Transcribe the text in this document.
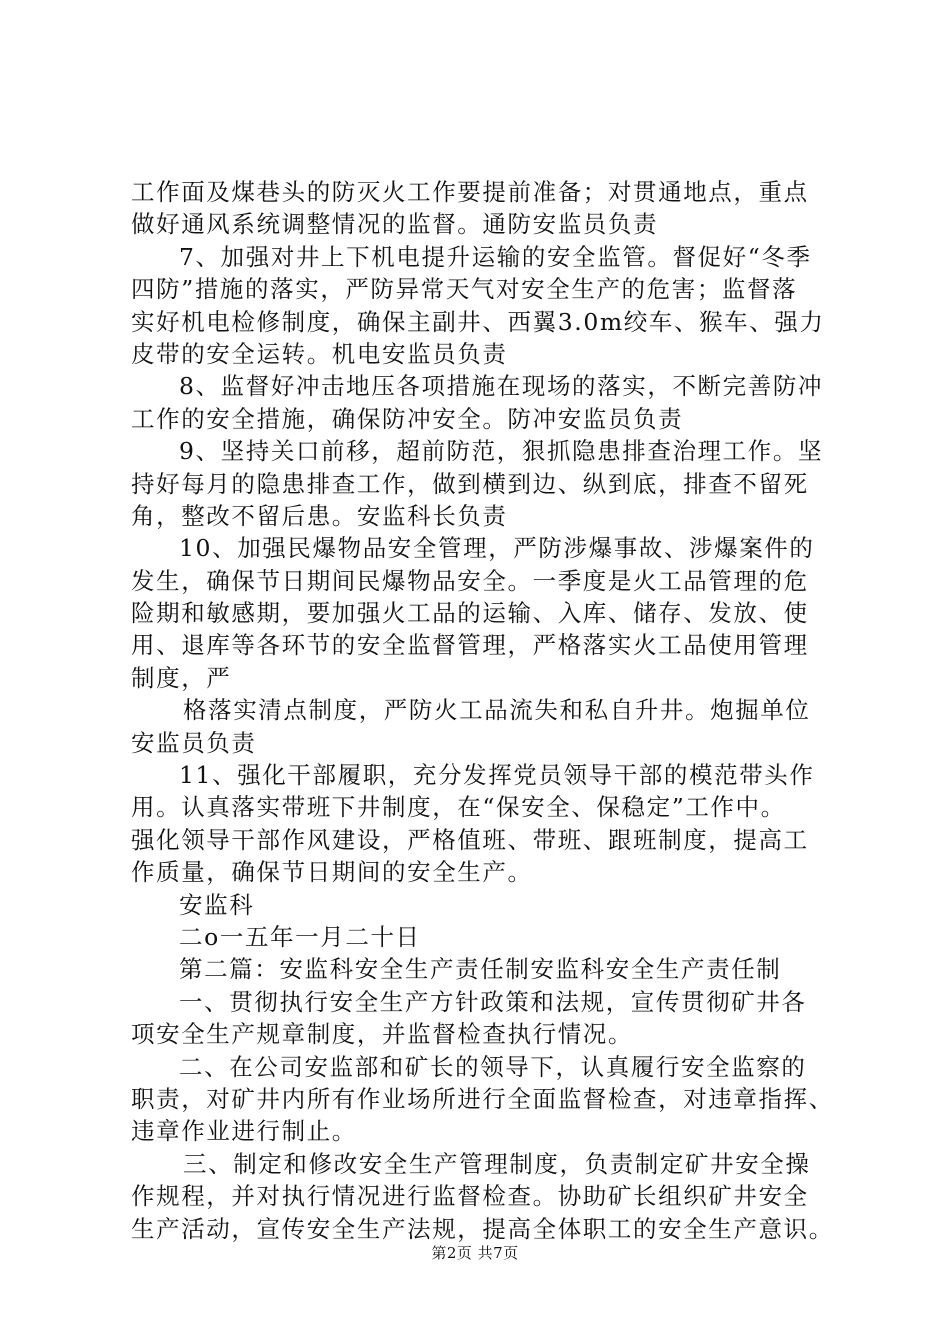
工作面及煤巷头的防灭火工作要提前准备；对贯通地点，重点
做好通风系统调整情况的监督。通防安监员负责
7、加强对井上下机电提升运输的安全监管。督促好“冬季
四防”措施的落实，严防异常天气对安全生产的危害；监督落
实好机电检修制度，确保主副井、西翼3.0m绞车、猴车、强力
皮带的安全运转。机电安监员负责
8、监督好冲击地压各项措施在现场的落实，不断完善防冲
工作的安全措施，确保防冲安全。防冲安监员负责
9、坚持关口前移，超前防范，狠抓隐患排查治理工作。坚
持好每月的隐患排查工作，做到横到边、纵到底，排查不留死
角，整改不留后患。安监科长负责
10、加强民爆物品安全管理，严防涉爆事故、涉爆案件的
发生，确保节日期间民爆物品安全。一季度是火工品管理的危
险期和敏感期，要加强火工品的运输、入库、储存、发放、使
用、退库等各环节的安全监督管理，严格落实火工品使用管理
制度，严
格落实清点制度，严防火工品流失和私自升井。炮掘单位
安监员负责
11、强化干部履职，充分发挥党员领导干部的模范带头作
用。认真落实带班下井制度，在“保安全、保稳定”工作中。
强化领导干部作风建设，严格值班、带班、跟班制度，提高工
作质量，确保节日期间的安全生产。
安监科
二o一五年一月二十日
第二篇：安监科安全生产责任制安监科安全生产责任制
一、贯彻执行安全生产方针政策和法规，宣传贯彻矿井各
项安全生产规章制度，并监督检查执行情况。
二、在公司安监部和矿长的领导下，认真履行安全监察的
职责，对矿井内所有作业场所进行全面监督检查，对违章指挥、
违章作业进行制止。
三、制定和修改安全生产管理制度，负责制定矿井安全操
作规程，并对执行情况进行监督检查。协助矿长组织矿井安全
生产活动，宣传安全生产法规，提高全体职工的安全生产意识。
第2页 共7页
